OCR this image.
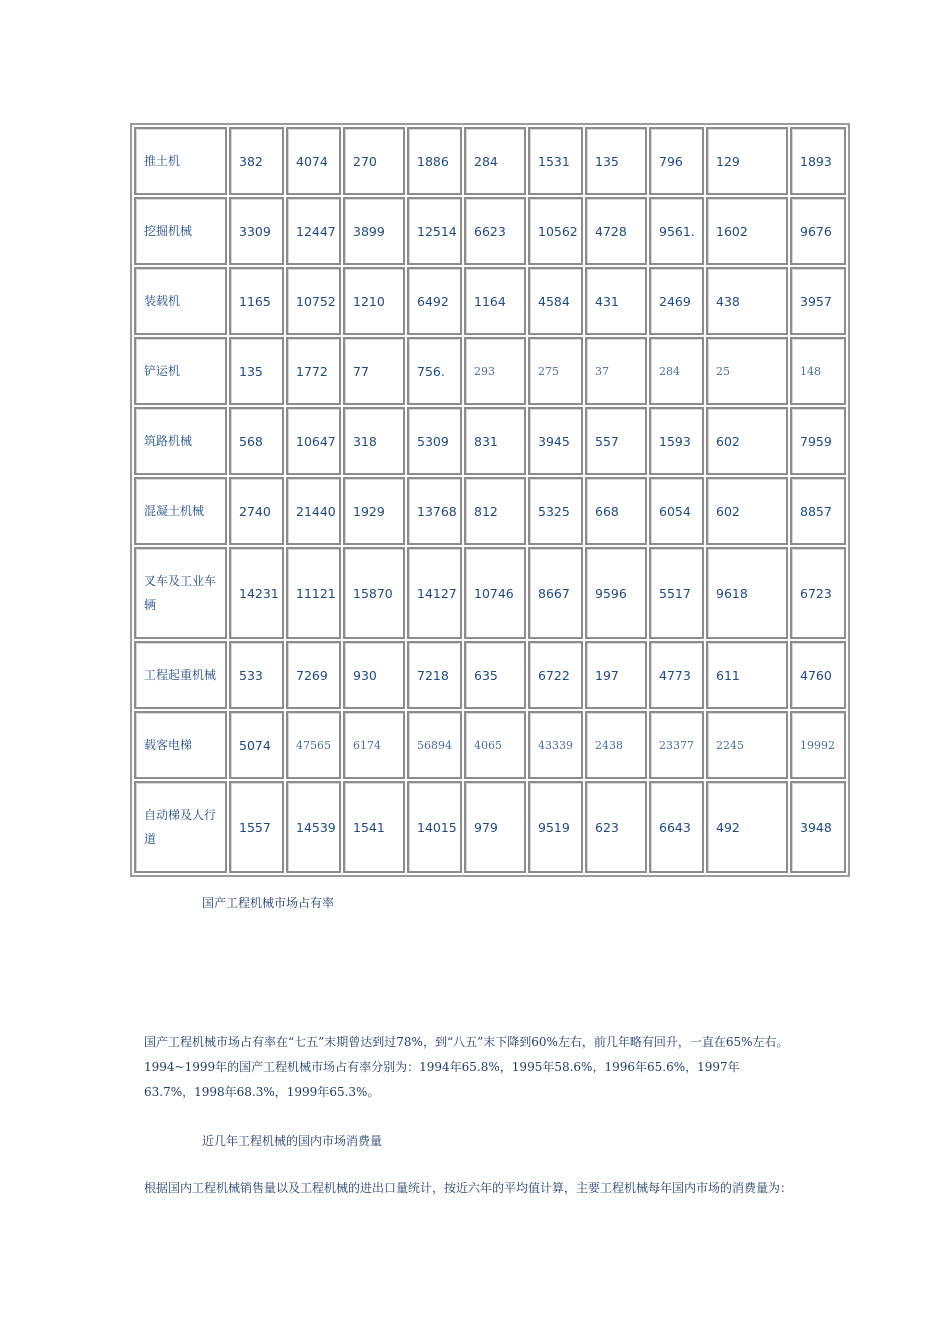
推土机	382	4074	270	1886	284	1531	135	796	129	1893
挖掘机械	3309	12447	3899	12514	6623	10562	4728	9561.	1602	9676
装载机	1165	10752	1210	6492	1164	4584	431	2469	438	3957
铲运机	135	1772	77	756.	293	275	37	284	25	148
筑路机械	568	10647	318	5309	831	3945	557	1593	602	7959
混凝土机械	2740	21440	1929	13768	812	5325	668	6054	602	8857
叉车及工业车辆	14231	11121	15870	14127	10746	8667	9596	5517	9618	6723
工程起重机械	533	7269	930	7218	635	6722	197	4773	611	4760
载客电梯	5074	47565	6174	56894	4065	43339	2438	23377	2245	19992
自动梯及人行道	1557	14539	1541	14015	979	9519	623	6643	492	3948
国产工程机械市场占有率
国产工程机械市场占有率在“七五”末期曾达到过78%，到“八五”末下降到60%左右，前几年略有回升，一直在65%左右。
1994~1999年的国产工程机械市场占有率分别为：1994年65.8%，1995年58.6%，1996年65.6%，1997年
63.7%，1998年68.3%，1999年65.3%。
近几年工程机械的国内市场消费量
根据国内工程机械销售量以及工程机械的进出口量统计，按近六年的平均值计算，主要工程机械每年国内市场的消费量为：
